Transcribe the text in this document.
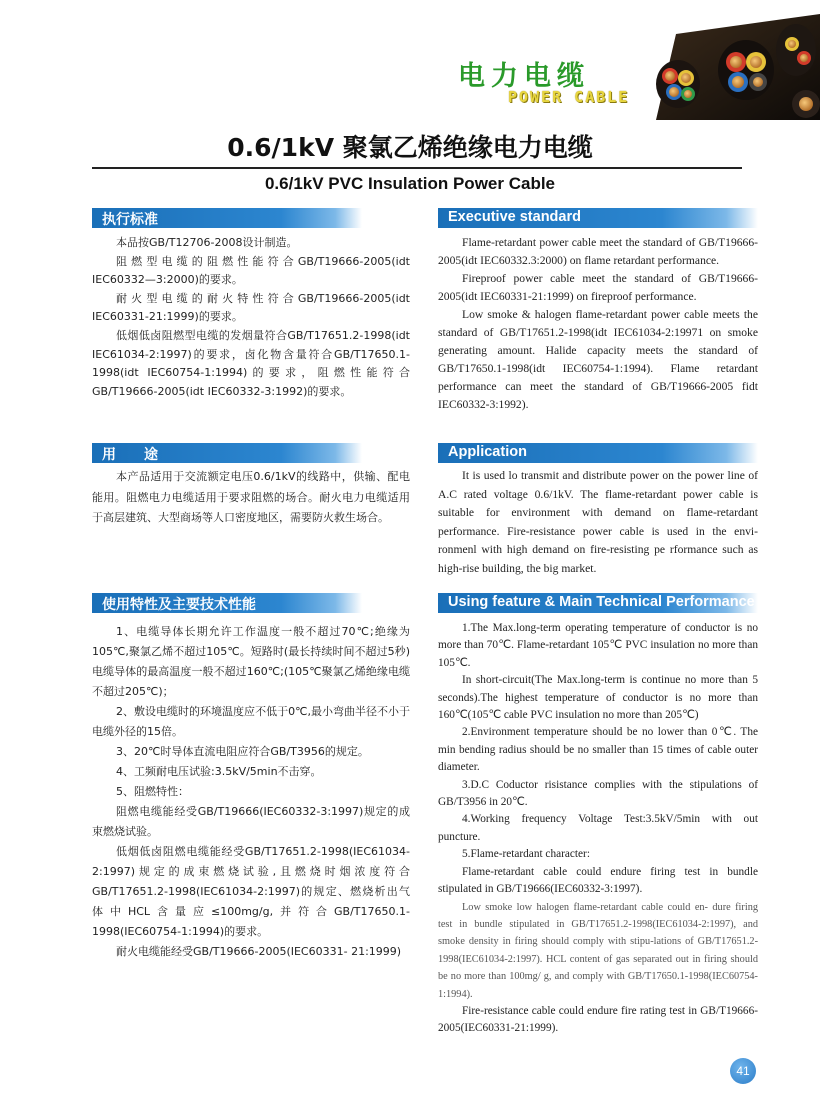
电力电缆
POWER CABLE
0.6/1kV 聚氯乙烯绝缘电力电缆
0.6/1kV PVC Insulation Power Cable
执行标准

本品按GB/T12706-2008设计制造。

阻燃型电缆的阻燃性能符合GB/T19666-2005(idt IEC60332—3:2000)的要求。

耐火型电缆的耐火特性符合GB/T19666-2005(idt IEC60331-21:1999)的要求。

低烟低卤阻燃型电缆的发烟量符合GB/T17651.2-1998(idt IEC61034-2:1997)的要求，卤化物含量符合GB/T17650.1-1998(idt IEC60754-1:1994)的要求，阻燃性能符合GB/T19666-2005(idt IEC60332-3:1992)的要求。

用　　途

本产品适用于交流额定电压0.6/1kV的线路中，供输、配电能用。阻燃电力电缆适用于要求阻燃的场合。耐火电力电缆适用于高层建筑、大型商场等人口密度地区，需要防火救生场合。

使用特性及主要技术性能

1、电缆导体长期允许工作温度一般不超过70℃;绝缘为105℃,聚氯乙烯不超过105℃。短路时(最长持续时间不超过5秒)电缆导体的最高温度一般不超过160℃;(105℃聚氯乙烯绝缘电缆不超过205℃)；

2、敷设电缆时的环境温度应不低于0℃,最小弯曲半径不小于电缆外径的15倍。

3、20℃时导体直流电阻应符合GB/T3956的规定。

4、工频耐电压试验:3.5kV/5min不击穿。

5、阻燃特性：

阻燃电缆能经受GB/T19666(IEC60332-3:1997)规定的成束燃烧试验。

低烟低卤阻燃电缆能经受GB/T17651.2-1998(IEC61034-2:1997)规定的成束燃烧试验,且燃烧时烟浓度符合GB/T17651.2-1998(IEC61034-2:1997)的规定、燃烧析出气体中HCL含量应≤100mg/g,并符合GB/T17650.1-1998(IEC60754-1:1994)的要求。

耐火电缆能经受GB/T19666-2005(IEC60331- 21:1999)

Executive standard

Flame-retardant power cable meet the standard of GB/T19666-2005(idt IEC60332.3:2000) on flame retardant performance.

Fireproof power cable meet the standard of GB/T19666-2005(idt IEC60331-21:1999) on fireproof performance.

Low smoke & halogen flame-retardant power cable meets the standard of GB/T17651.2-1998(idt IEC61034-2:19971 on smoke generating amount. Halide capacity meets the standard of GB/T17650.1-1998(idt IEC60754-1:1994). Flame retardant performance can meet the standard of GB/T19666-2005 fidt IEC60332-3:1992).

Application

It is used lo transmit and distribute power on the power line of A.C rated voltage 0.6/1kV. The flame-retardant power cable is suitable for environment with demand on flame-retardant performance. Fire-resistance power cable is used in the envi- ronmenl with high demand on fire-resisting pe rformance such as high-rise building, the big market.

Using feature & Main Technical Performance

1.The Max.long-term operating temperature of conductor is no more than 70℃. Flame-retardant 105℃ PVC insulation no more than 105℃.

In short-circuit(The Max.long-term is continue no more than 5 seconds).The highest temperature of conductor is no more than 160℃(105℃ cable PVC insulation no more than 205℃)

2.Environment temperature should be no lower than 0℃. The min bending radius should be no smaller than 15 times of cable outer diameter.

3.D.C Coductor risistance complies with the stipulations of GB/T3956 in 20℃.

4.Working frequency Voltage Test:3.5kV/5min with out puncture.

5.Flame-retardant character:

Flame-retardant cable could endure firing test in bundle stipulated in GB/T19666(IEC60332-3:1997).

Low smoke low halogen flame-retardant cable could en- dure firing test in bundle stipulated in GB/T17651.2-1998(IEC61034-2:1997), and smoke density in firing should comply with stipu-lations of GB/T17651.2-1998(IEC61034-2:1997). HCL content of gas separated out in firing should be no more than 100mg/ g, and comply with GB/T17650.1-1998(IEC60754-1:1994).

Fire-resistance cable could endure fire rating test in GB/T19666-2005(IEC60331-21:1999).

41
